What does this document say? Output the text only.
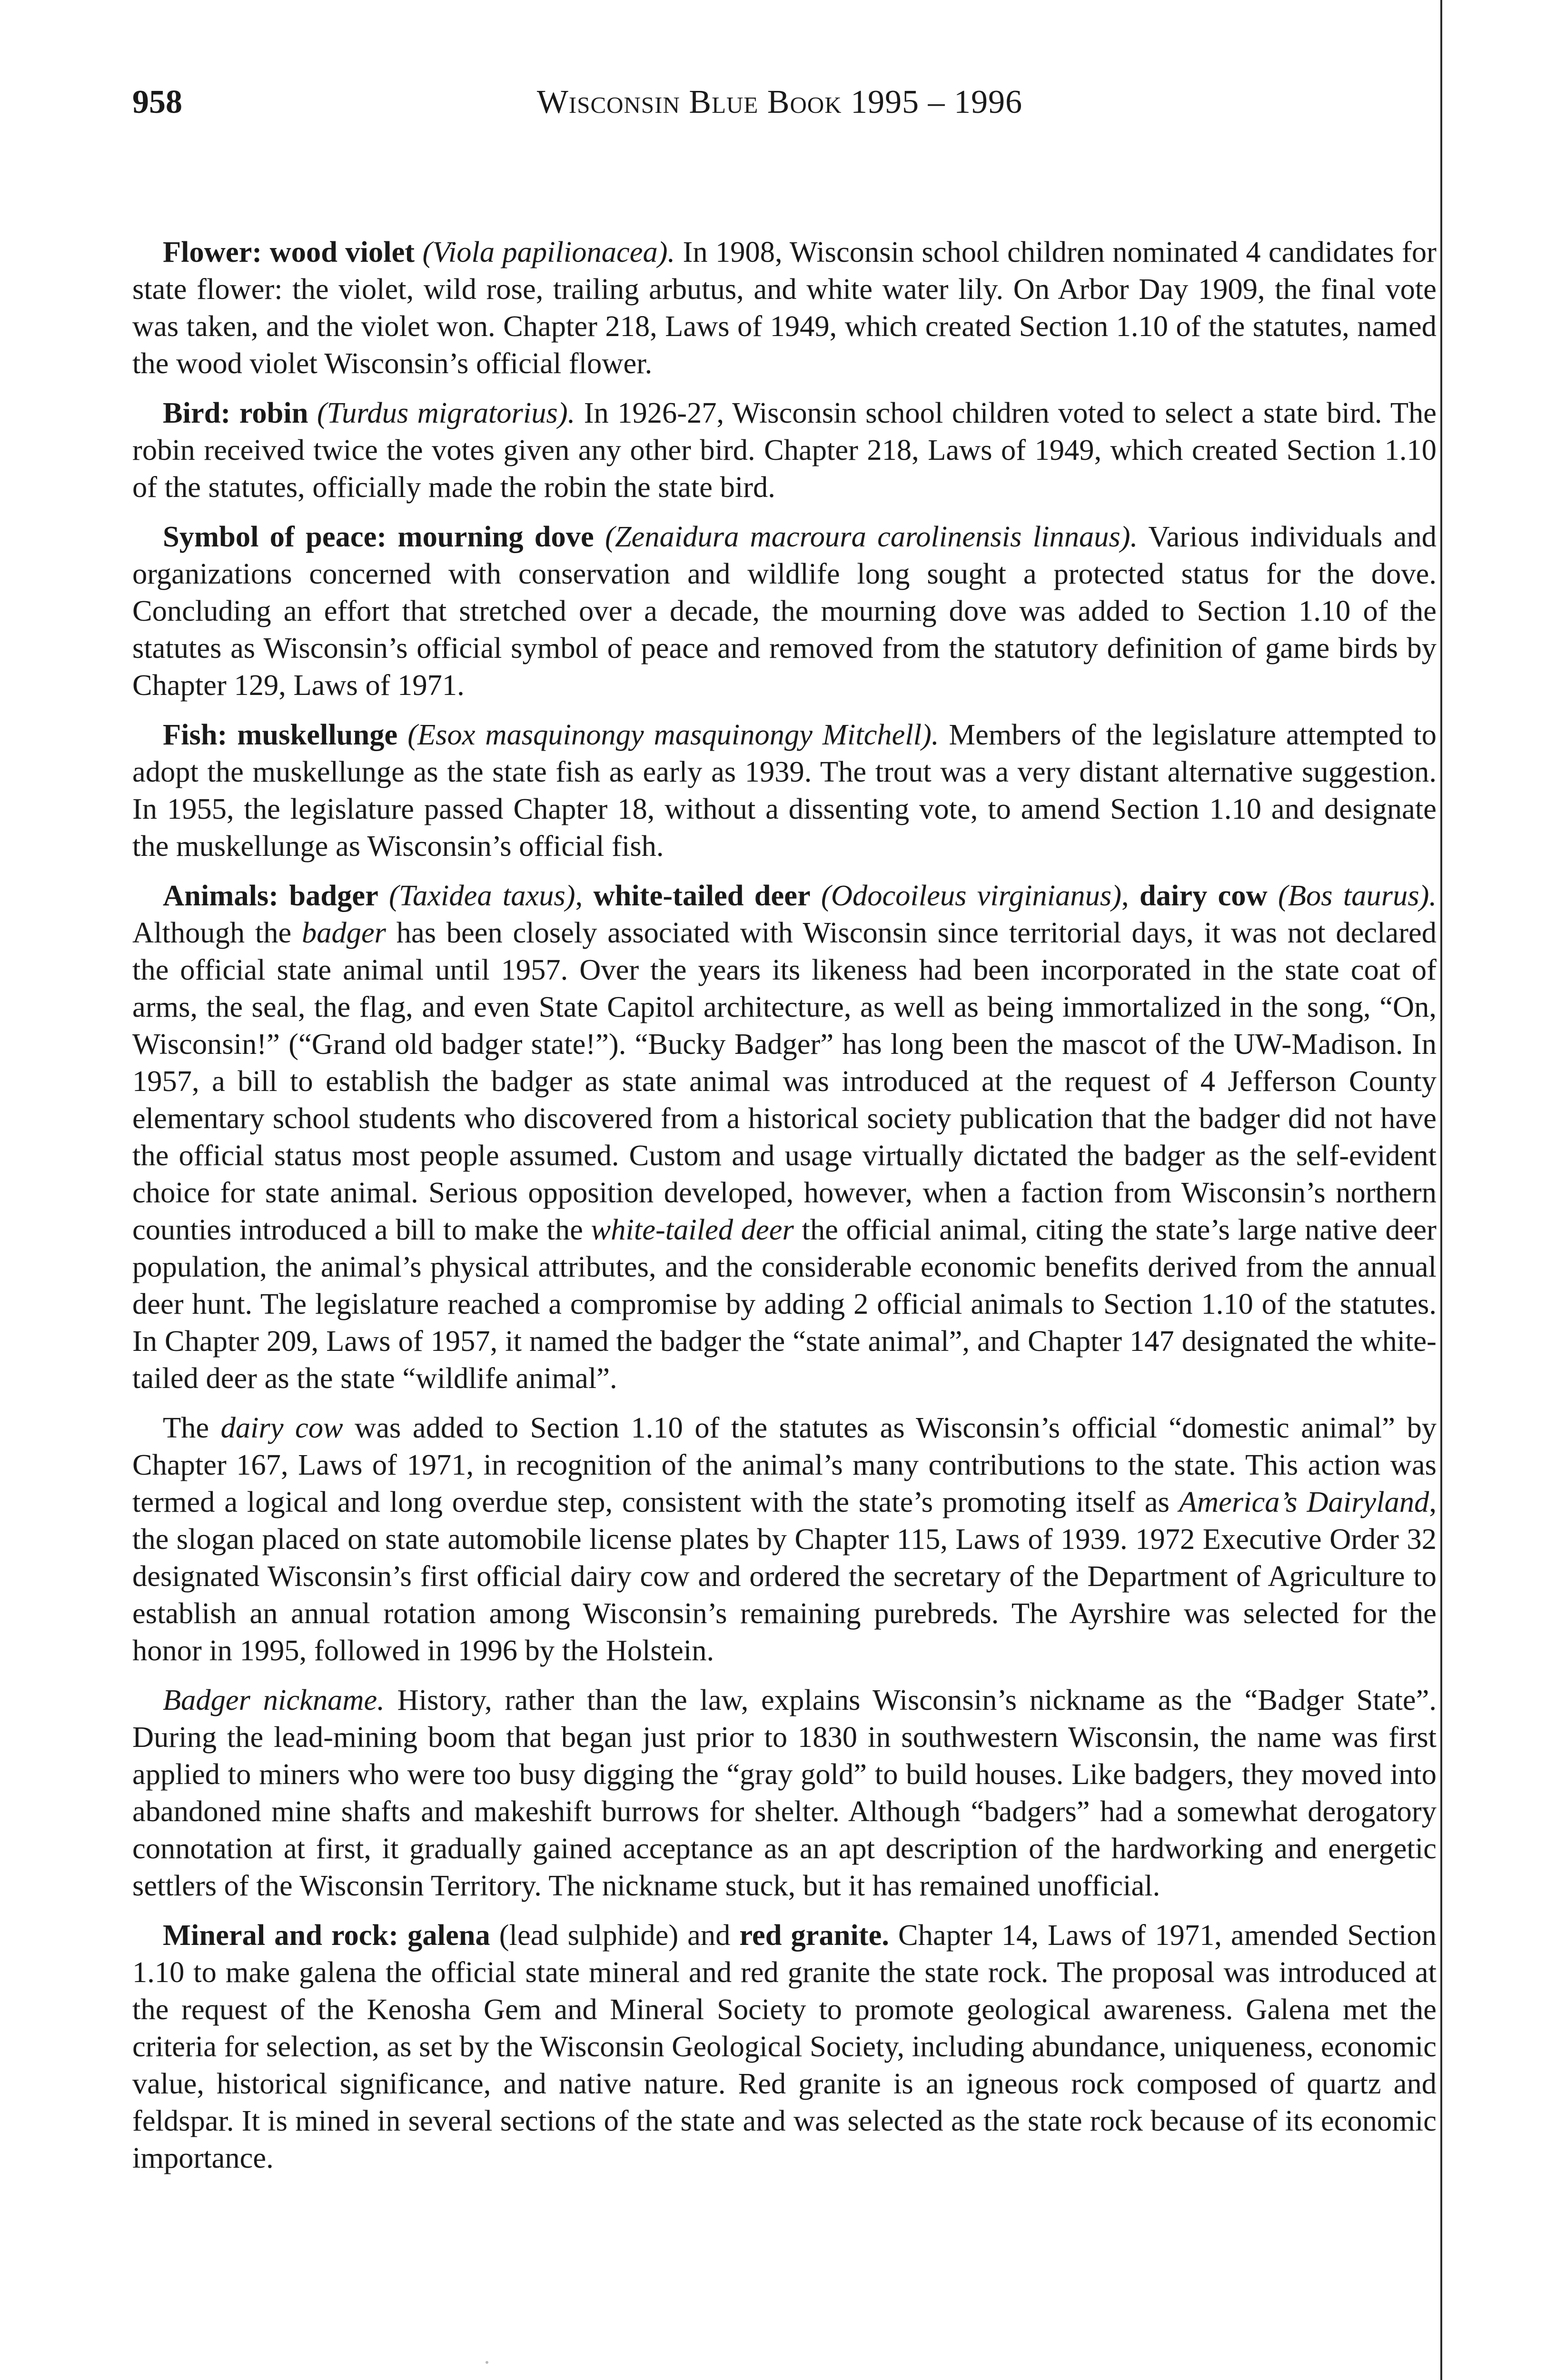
958	Wisconsin Blue Book 1995 – 1996

Flower: wood violet (Viola papilionacea). In 1908, Wisconsin school children nominated 4 candidates for state flower: the violet, wild rose, trailing arbutus, and white water lily. On Arbor Day 1909, the final vote was taken, and the violet won. Chapter 218, Laws of 1949, which created Section 1.10 of the statutes, named the wood violet Wisconsin’s official flower.

Bird: robin (Turdus migratorius). In 1926-27, Wisconsin school children voted to select a state bird. The robin received twice the votes given any other bird. Chapter 218, Laws of 1949, which created Section 1.10 of the statutes, officially made the robin the state bird.

Symbol of peace: mourning dove (Zenaidura macroura carolinensis linnaus). Various individuals and organizations concerned with conservation and wildlife long sought a protected status for the dove. Concluding an effort that stretched over a decade, the mourning dove was added to Section 1.10 of the statutes as Wisconsin’s official symbol of peace and removed from the statutory definition of game birds by Chapter 129, Laws of 1971.

Fish: muskellunge (Esox masquinongy masquinongy Mitchell). Members of the legislature attempted to adopt the muskellunge as the state fish as early as 1939. The trout was a very distant alternative suggestion. In 1955, the legislature passed Chapter 18, without a dissenting vote, to amend Section 1.10 and designate the muskellunge as Wisconsin’s official fish.

Animals: badger (Taxidea taxus), white-tailed deer (Odocoileus virginianus), dairy cow (Bos taurus). Although the badger has been closely associated with Wisconsin since territorial days, it was not declared the official state animal until 1957. Over the years its likeness had been incorporated in the state coat of arms, the seal, the flag, and even State Capitol architecture, as well as being immortalized in the song, “On, Wisconsin!” (“Grand old badger state!”). “Bucky Badger” has long been the mascot of the UW-Madison. In 1957, a bill to establish the badger as state animal was introduced at the request of 4 Jefferson County elementary school students who discovered from a historical society publication that the badger did not have the official status most people assumed. Custom and usage virtually dictated the badger as the self-evident choice for state animal. Serious opposition developed, however, when a faction from Wisconsin’s northern counties introduced a bill to make the white-tailed deer the official animal, citing the state’s large native deer population, the animal’s physical attributes, and the considerable economic benefits derived from the annual deer hunt. The legislature reached a compromise by adding 2 official animals to Section 1.10 of the statutes. In Chapter 209, Laws of 1957, it named the badger the “state animal”, and Chapter 147 designated the white-tailed deer as the state “wildlife animal”.

The dairy cow was added to Section 1.10 of the statutes as Wisconsin’s official “domestic animal” by Chapter 167, Laws of 1971, in recognition of the animal’s many contributions to the state. This action was termed a logical and long overdue step, consistent with the state’s promoting itself as America’s Dairyland, the slogan placed on state automobile license plates by Chapter 115, Laws of 1939. 1972 Executive Order 32 designated Wisconsin’s first official dairy cow and ordered the secretary of the Department of Agriculture to establish an annual rotation among Wisconsin’s remaining purebreds. The Ayrshire was selected for the honor in 1995, followed in 1996 by the Holstein.

Badger nickname. History, rather than the law, explains Wisconsin’s nickname as the “Badger State”. During the lead-mining boom that began just prior to 1830 in southwestern Wisconsin, the name was first applied to miners who were too busy digging the “gray gold” to build houses. Like badgers, they moved into abandoned mine shafts and makeshift burrows for shelter. Although “badgers” had a somewhat derogatory connotation at first, it gradually gained acceptance as an apt description of the hardworking and energetic settlers of the Wisconsin Territory. The nickname stuck, but it has remained unofficial.

Mineral and rock: galena (lead sulphide) and red granite. Chapter 14, Laws of 1971, amended Section 1.10 to make galena the official state mineral and red granite the state rock. The proposal was introduced at the request of the Kenosha Gem and Mineral Society to promote geological awareness. Galena met the criteria for selection, as set by the Wisconsin Geological Society, including abundance, uniqueness, economic value, historical significance, and native nature. Red granite is an igneous rock composed of quartz and feldspar. It is mined in several sections of the state and was selected as the state rock because of its economic importance.
